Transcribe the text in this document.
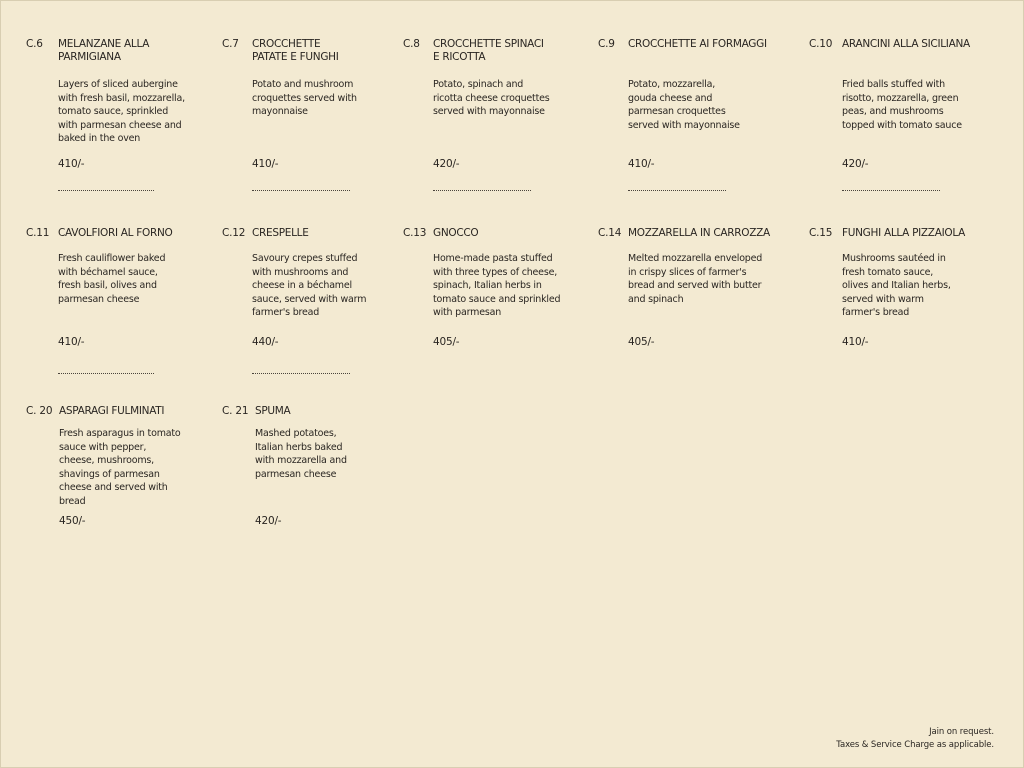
C.6 MELANZANE ALLA PARMIGIANA
Layers of sliced aubergine with fresh basil, mozzarella, tomato sauce, sprinkled with parmesan cheese and baked in the oven
410/-
C.7 CROCCHETTE PATATE E FUNGHI
Potato and mushroom croquettes served with mayonnaise
410/-
C.8 CROCCHETTE SPINACI E RICOTTA
Potato, spinach and ricotta cheese croquettes served with mayonnaise
420/-
C.9 CROCCHETTE AI FORMAGGI
Potato, mozzarella, gouda cheese and parmesan croquettes served with mayonnaise
410/-
C.10 ARANCINI ALLA SICILIANA
Fried balls stuffed with risotto, mozzarella, green peas, and mushrooms topped with tomato sauce
420/-
C.11 CAVOLFIORI AL FORNO
Fresh cauliflower baked with béchamel sauce, fresh basil, olives and parmesan cheese
410/-
C.12 CRESPELLE
Savoury crepes stuffed with mushrooms and cheese in a béchamel sauce, served with warm farmer's bread
440/-
C.13 GNOCCO
Home-made pasta stuffed with three types of cheese, spinach, Italian herbs in tomato sauce and sprinkled with parmesan
405/-
C.14 MOZZARELLA IN CARROZZA
Melted mozzarella enveloped in crispy slices of farmer's bread and served with butter and spinach
405/-
C.15 FUNGHI ALLA PIZZAIOLA
Mushrooms sautéed in fresh tomato sauce, olives and Italian herbs, served with warm farmer's bread
410/-
C. 20 ASPARAGI FULMINATI
Fresh asparagus in tomato sauce with pepper, cheese, mushrooms, shavings of parmesan cheese and served with bread
450/-
C. 21 SPUMA
Mashed potatoes, Italian herbs baked with mozzarella and parmesan cheese
420/-
Jain on request.
Taxes & Service Charge as applicable.
